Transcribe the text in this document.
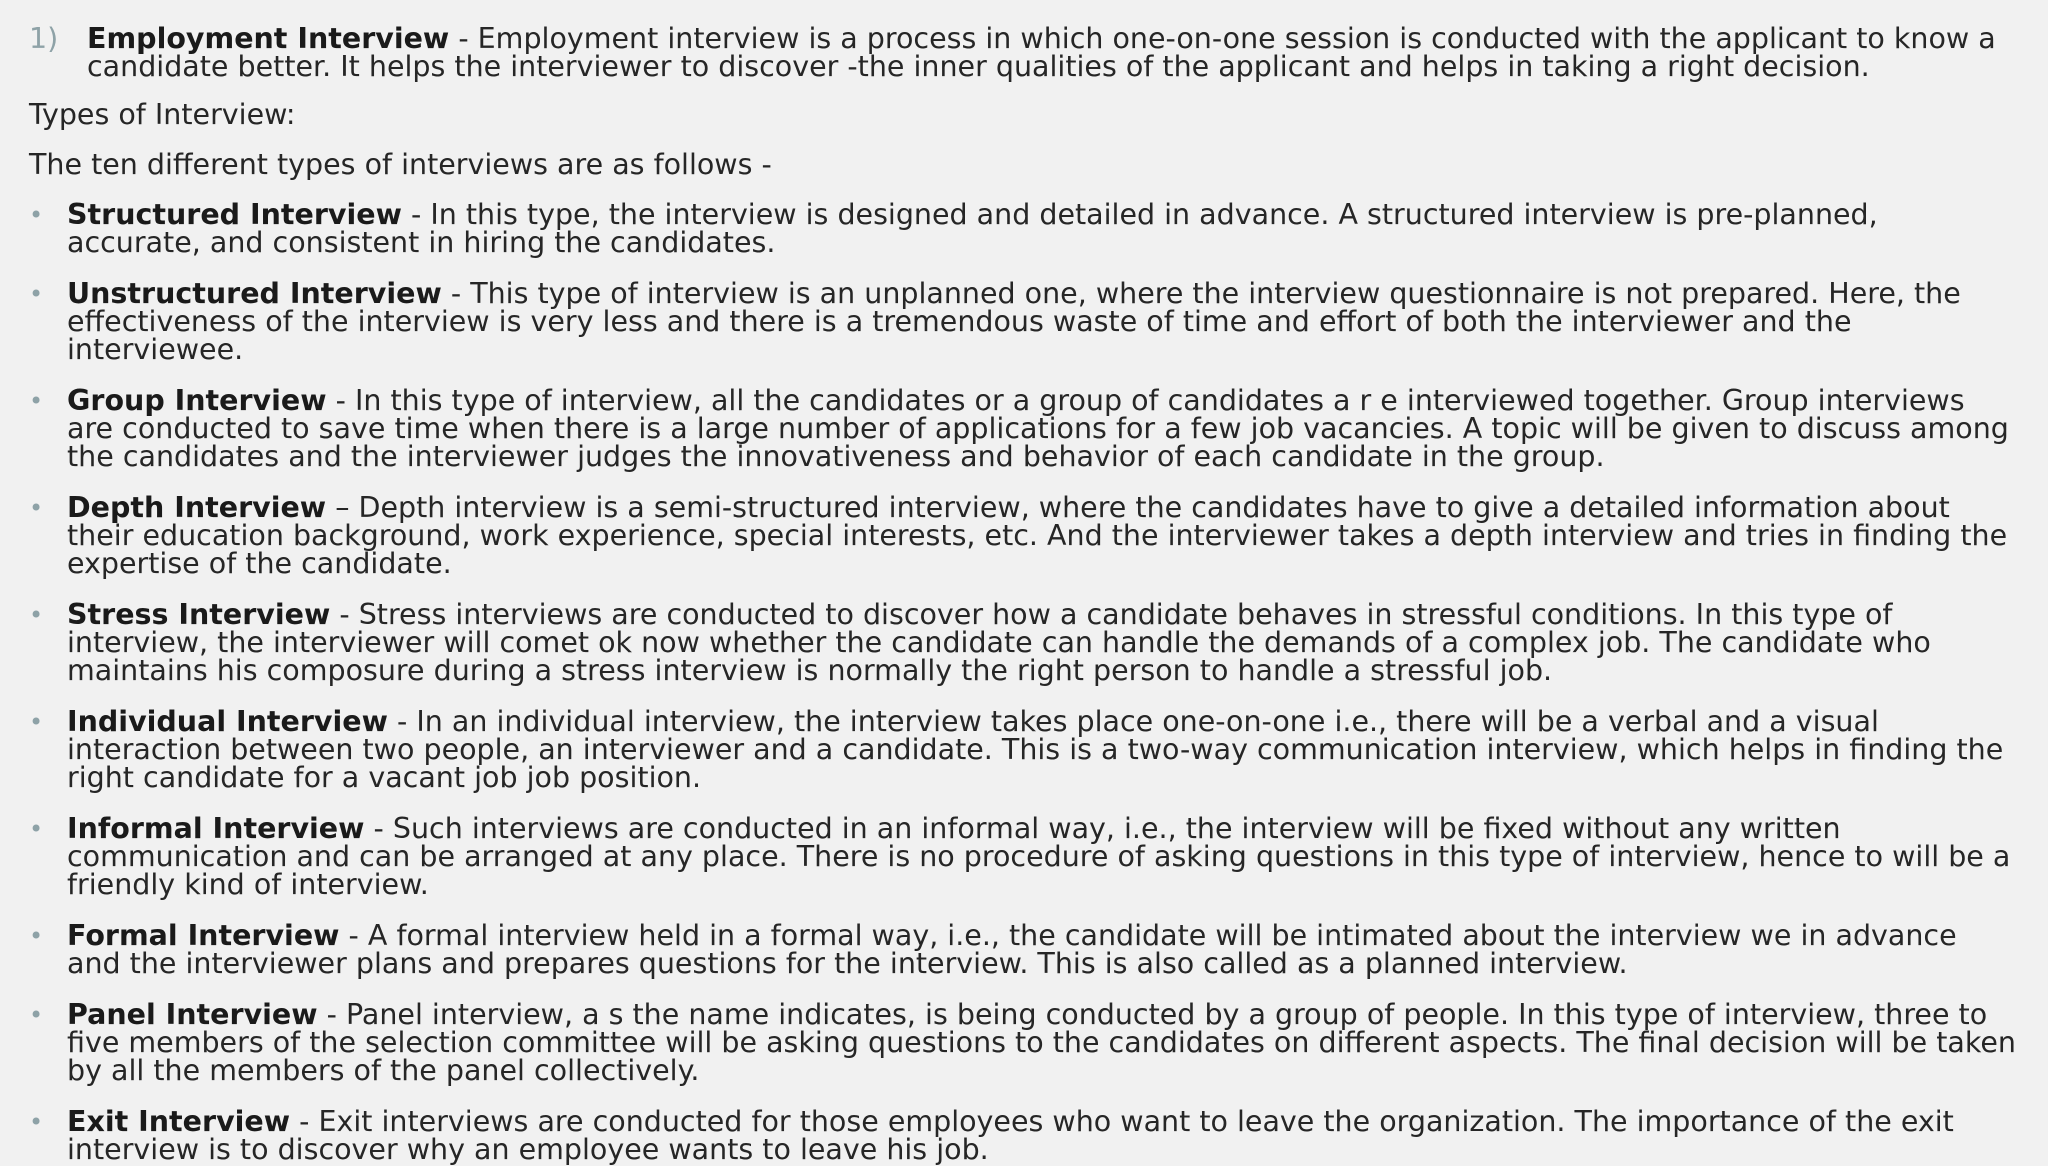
1) Employment Interview - Employment interview is a process in which one-on-one session is conducted with the applicant to know a candidate better. It helps the interviewer to discover -the inner qualities of the applicant and helps in taking a right decision.
Types of Interview:
The ten different types of interviews are as follows -
• Structured Interview - In this type, the interview is designed and detailed in advance. A structured interview is pre-planned, accurate, and consistent in hiring the candidates.
• Unstructured Interview - This type of interview is an unplanned one, where the interview questionnaire is not prepared. Here, the effectiveness of the interview is very less and there is a tremendous waste of time and effort of both the interviewer and the interviewee.
• Group Interview - In this type of interview, all the candidates or a group of candidates a r e interviewed together. Group interviews are conducted to save time when there is a large number of applications for a few job vacancies. A topic will be given to discuss among the candidates and the interviewer judges the innovativeness and behavior of each candidate in the group.
• Depth Interview – Depth interview is a semi-structured interview, where the candidates have to give a detailed information about their education background, work experience, special interests, etc. And the interviewer takes a depth interview and tries in finding the expertise of the candidate.
• Stress Interview - Stress interviews are conducted to discover how a candidate behaves in stressful conditions. In this type of interview, the interviewer will comet ok now whether the candidate can handle the demands of a complex job. The candidate who maintains his composure during a stress interview is normally the right person to handle a stressful job.
• Individual Interview - In an individual interview, the interview takes place one-on-one i.e., there will be a verbal and a visual interaction between two people, an interviewer and a candidate. This is a two-way communication interview, which helps in finding the right candidate for a vacant job job position.
• Informal Interview - Such interviews are conducted in an informal way, i.e., the interview will be fixed without any written communication and can be arranged at any place. There is no procedure of asking questions in this type of interview, hence to will be a friendly kind of interview.
• Formal Interview - A formal interview held in a formal way, i.e., the candidate will be intimated about the interview we in advance and the interviewer plans and prepares questions for the interview. This is also called as a planned interview.
• Panel Interview - Panel interview, a s the name indicates, is being conducted by a group of people. In this type of interview, three to five members of the selection committee will be asking questions to the candidates on different aspects. The final decision will be taken by all the members of the panel collectively.
• Exit Interview - Exit interviews are conducted for those employees who want to leave the organization. The importance of the exit interview is to discover why an employee wants to leave his job.
